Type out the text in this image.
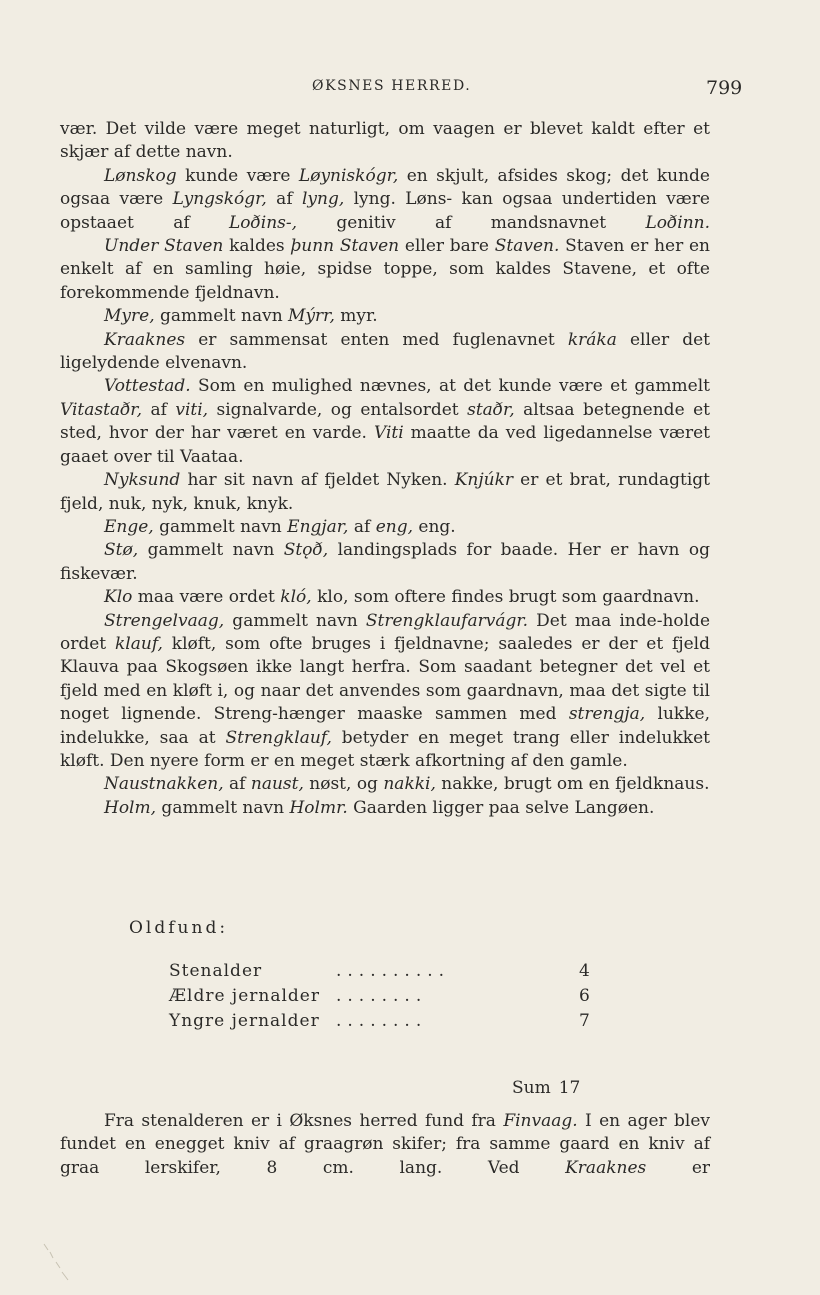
ØKSNES HERRED.	799

vær. Det vilde være meget naturligt, om vaagen er blevet kaldt efter et skjær af dette navn.

Lønskog kunde være Løyniskógr, en skjult, afsides skog; det kunde ogsaa være Lyngskógr, af lyng, lyng. Løns- kan ogsaa undertiden være opstaaet af Loðins-, genitiv af mandsnavnet Loðinn.

Under Staven kaldes þunn Staven eller bare Staven. Staven er her en enkelt af en samling høie, spidse toppe, som kaldes Stavene, et ofte forekommende fjeldnavn.

Myre, gammelt navn Mýrr, myr.

Kraaknes er sammensat enten med fuglenavnet kráka eller det ligelydende elvenavn.

Vottestad. Som en mulighed nævnes, at det kunde være et gammelt Vitastaðr, af viti, signalvarde, og entalsordet staðr, altsaa betegnende et sted, hvor der har været en varde. Viti maatte da ved ligedannelse været gaaet over til Vaataa.

Nyksund har sit navn af fjeldet Nyken. Knjúkr er et brat, rundagtigt fjeld, nuk, nyk, knuk, knyk.

Enge, gammelt navn Engjar, af eng, eng.

Stø, gammelt navn Stǫð, landingsplads for baade. Her er havn og fiskevær.

Klo maa være ordet kló, klo, som oftere findes brugt som gaardnavn.

Strengelvaag, gammelt navn Strengklaufarvágr. Det maa inde-holde ordet klauf, kløft, som ofte bruges i fjeldnavne; saaledes er der et fjeld Klauva paa Skogsøen ikke langt herfra. Som saadant betegner det vel et fjeld med en kløft i, og naar det anvendes som gaardnavn, maa det sigte til noget lignende. Streng-hænger maaske sammen med strengja, lukke, indelukke, saa at Strengklauf, betyder en meget trang eller indelukket kløft. Den nyere form er en meget stærk afkortning af den gamle.

Naustnakken, af naust, nøst, og nakki, nakke, brugt om en fjeldknaus.

Holm, gammelt navn Holmr. Gaarden ligger paa selve Langøen.

Oldfund:
Stenalder	..........	4
Ældre jernalder ........	6
Yngre jernalder ........	7
Sum 17

Fra stenalderen er i Øksnes herred fund fra Finvaag. I en ager blev fundet en enegget kniv af graagrøn skifer; fra samme gaard en kniv af graa lerskifer, 8 cm. lang. Ved Kraaknes er
